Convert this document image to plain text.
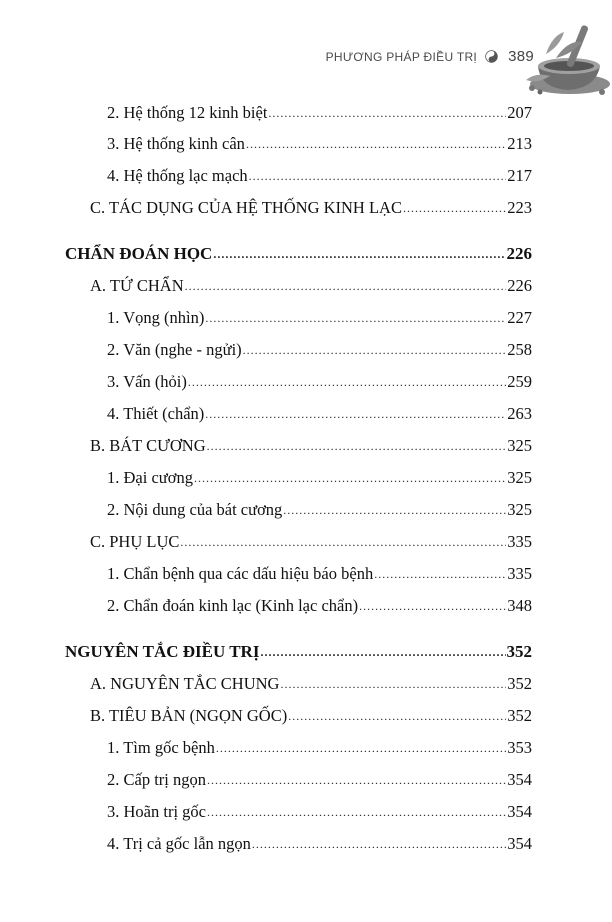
PHƯƠNG PHÁP ĐIỀU TRỊ 389
2. Hệ thống 12 kinh biệt .....	207
3. Hệ thống kinh cân .....	213
4. Hệ thống lạc mạch .....	217
C. TÁC DỤNG CỦA HỆ THỐNG KINH LẠC .....	223
CHẨN ĐOÁN HỌC .....	226
A. TỨ CHẨN .....	226
1. Vọng (nhìn) .....	227
2. Văn (nghe - ngửi) .....	258
3. Vấn (hỏi) .....	259
4. Thiết (chẩn) .....	263
B. BÁT CƯƠNG .....	325
1. Đại cương .....	325
2. Nội dung của bát cương .....	325
C. PHỤ LỤC .....	335
1. Chẩn bệnh qua các dấu hiệu báo bệnh .....	335
2. Chẩn đoán kinh lạc (Kinh lạc chẩn) .....	348
NGUYÊN TẮC ĐIỀU TRỊ .....	352
A. NGUYÊN TẮC CHUNG .....	352
B. TIÊU BẢN (NGỌN GỐC) .....	352
1. Tìm gốc bệnh .....	353
2. Cấp trị ngọn .....	354
3. Hoãn trị gốc .....	354
4. Trị cả gốc lẫn ngọn .....	354
